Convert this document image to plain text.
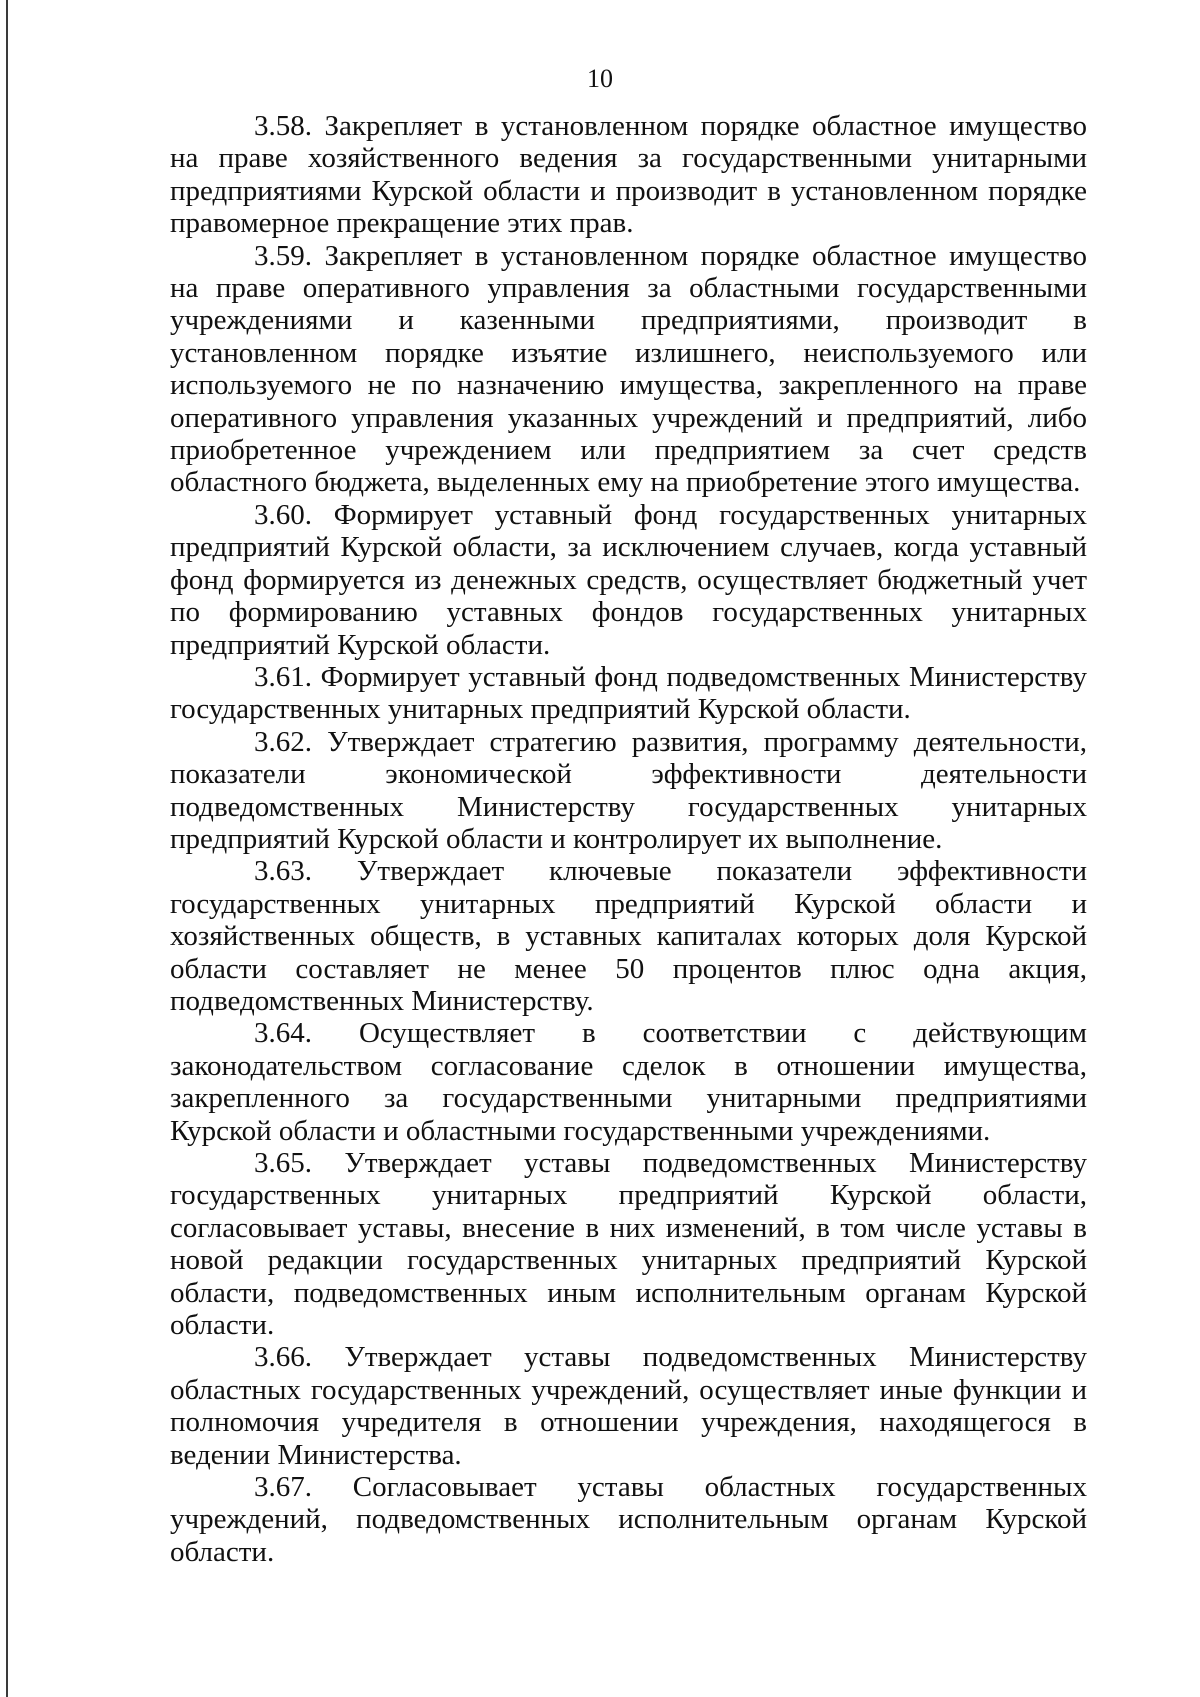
10

3.58. Закрепляет в установленном порядке областное имущество на праве хозяйственного ведения за государственными унитарными предприятиями Курской области и производит в установленном порядке правомерное прекращение этих прав.

3.59. Закрепляет в установленном порядке областное имущество на праве оперативного управления за областными государственными учреждениями и казенными предприятиями, производит в установленном порядке изъятие излишнего, неиспользуемого или используемого не по назначению имущества, закрепленного на праве оперативного управления указанных учреждений и предприятий, либо приобретенное учреждением или предприятием за счет средств областного бюджета, выделенных ему на приобретение этого имущества.

3.60. Формирует уставный фонд государственных унитарных предприятий Курской области, за исключением случаев, когда уставный фонд формируется из денежных средств, осуществляет бюджетный учет по формированию уставных фондов государственных унитарных предприятий Курской области.

3.61. Формирует уставный фонд подведомственных Министерству государственных унитарных предприятий Курской области.

3.62. Утверждает стратегию развития, программу деятельности, показатели экономической эффективности деятельности подведомственных Министерству государственных унитарных предприятий Курской области и контролирует их выполнение.

3.63. Утверждает ключевые показатели эффективности государственных унитарных предприятий Курской области и хозяйственных обществ, в уставных капиталах которых доля Курской области составляет не менее 50 процентов плюс одна акция, подведомственных Министерству.

3.64. Осуществляет в соответствии с действующим законодательством согласование сделок в отношении имущества, закрепленного за государственными унитарными предприятиями Курской области и областными государственными учреждениями.

3.65. Утверждает уставы подведомственных Министерству государственных унитарных предприятий Курской области, согласовывает уставы, внесение в них изменений, в том числе уставы в новой редакции государственных унитарных предприятий Курской области, подведомственных иным исполнительным органам Курской области.

3.66. Утверждает уставы подведомственных Министерству областных государственных учреждений, осуществляет иные функции и полномочия учредителя в отношении учреждения, находящегося в ведении Министерства.

3.67. Согласовывает уставы областных государственных учреждений, подведомственных исполнительным органам Курской области.
